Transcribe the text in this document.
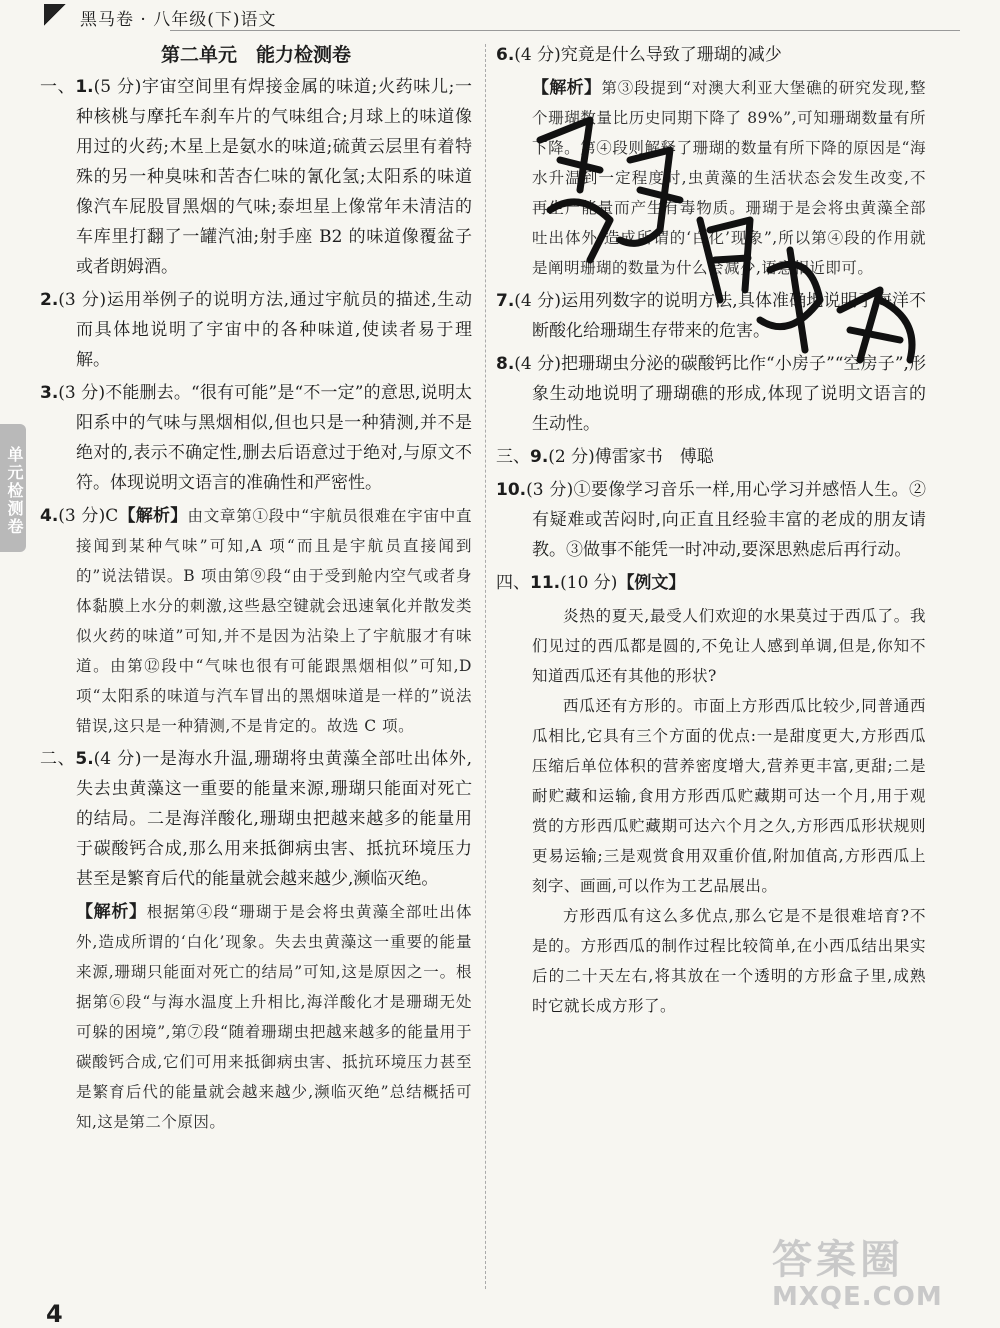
黑马卷 · 八年级(下)语文
单元检测卷
第二单元　能力检测卷

一、1.(5 分)宇宙空间里有焊接金属的味道;火药味儿;一种核桃与摩托车刹车片的气味组合;月球上的味道像用过的火药;木星上是氨水的味道;硫黄云层里有着特殊的另一种臭味和苦杏仁味的氰化氢;太阳系的味道像汽车屁股冒黑烟的气味;泰坦星上像常年未清洁的车库里打翻了一罐汽油;射手座 B2 的味道像覆盆子或者朗姆酒。

2.(3 分)运用举例子的说明方法,通过宇航员的描述,生动而具体地说明了宇宙中的各种味道,使读者易于理解。

3.(3 分)不能删去。“很有可能”是“不一定”的意思,说明太阳系中的气味与黑烟相似,但也只是一种猜测,并不是绝对的,表示不确定性,删去后语意过于绝对,与原文不符。体现说明文语言的准确性和严密性。

4.(3 分)C【解析】由文章第①段中“宇航员很难在宇宙中直接闻到某种气味”可知,A 项“而且是宇航员直接闻到的”说法错误。B 项由第⑨段“由于受到舱内空气或者身体黏膜上水分的刺激,这些悬空键就会迅速氧化并散发类似火药的味道”可知,并不是因为沾染上了宇航服才有味道。由第⑫段中“气味也很有可能跟黑烟相似”可知,D 项“太阳系的味道与汽车冒出的黑烟味道是一样的”说法错误,这只是一种猜测,不是肯定的。故选 C 项。

二、5.(4 分)一是海水升温,珊瑚将虫黄藻全部吐出体外,失去虫黄藻这一重要的能量来源,珊瑚只能面对死亡的结局。二是海洋酸化,珊瑚虫把越来越多的能量用于碳酸钙合成,那么用来抵御病虫害、抵抗环境压力甚至是繁育后代的能量就会越来越少,濒临灭绝。

【解析】根据第④段“珊瑚于是会将虫黄藻全部吐出体外,造成所谓的‘白化’现象。失去虫黄藻这一重要的能量来源,珊瑚只能面对死亡的结局”可知,这是原因之一。根据第⑥段“与海水温度上升相比,海洋酸化才是珊瑚无处可躲的困境”,第⑦段“随着珊瑚虫把越来越多的能量用于碳酸钙合成,它们可用来抵御病虫害、抵抗环境压力甚至是繁育后代的能量就会越来越少,濒临灭绝”总结概括可知,这是第二个原因。

6.(4 分)究竟是什么导致了珊瑚的减少

【解析】第③段提到“对澳大利亚大堡礁的研究发现,整个珊瑚数量比历史同期下降了 89%”,可知珊瑚数量有所下降。第④段则解释了珊瑚的数量有所下降的原因是“海水升温到一定程度时,虫黄藻的生活状态会发生改变,不再生产能量而产生有毒物质。珊瑚于是会将虫黄藻全部吐出体外,造成所谓的‘白化’现象”,所以第④段的作用就是阐明珊瑚的数量为什么会减少,语意相近即可。

7.(4 分)运用列数字的说明方法,具体准确地说明了海洋不断酸化给珊瑚生存带来的危害。

8.(4 分)把珊瑚虫分泌的碳酸钙比作“小房子”“空房子”,形象生动地说明了珊瑚礁的形成,体现了说明文语言的生动性。

三、9.(2 分)傅雷家书　傅聪

10.(3 分)①要像学习音乐一样,用心学习并感悟人生。②有疑难或苦闷时,向正直且经验丰富的老成的朋友请教。③做事不能凭一时冲动,要深思熟虑后再行动。

四、11.(10 分)【例文】

炎热的夏天,最受人们欢迎的水果莫过于西瓜了。我们见过的西瓜都是圆的,不免让人感到单调,但是,你知不知道西瓜还有其他的形状?

西瓜还有方形的。市面上方形西瓜比较少,同普通西瓜相比,它具有三个方面的优点:一是甜度更大,方形西瓜压缩后单位体积的营养密度增大,营养更丰富,更甜;二是耐贮藏和运输,食用方形西瓜贮藏期可达一个月,用于观赏的方形西瓜贮藏期可达六个月之久,方形西瓜形状规则更易运输;三是观赏食用双重价值,附加值高,方形西瓜上刻字、画画,可以作为工艺品展出。

方形西瓜有这么多优点,那么它是不是很难培育?不是的。方形西瓜的制作过程比较简单,在小西瓜结出果实后的二十天左右,将其放在一个透明的方形盒子里,成熟时它就长成方形了。

4
答案圈
MXQE.COM
